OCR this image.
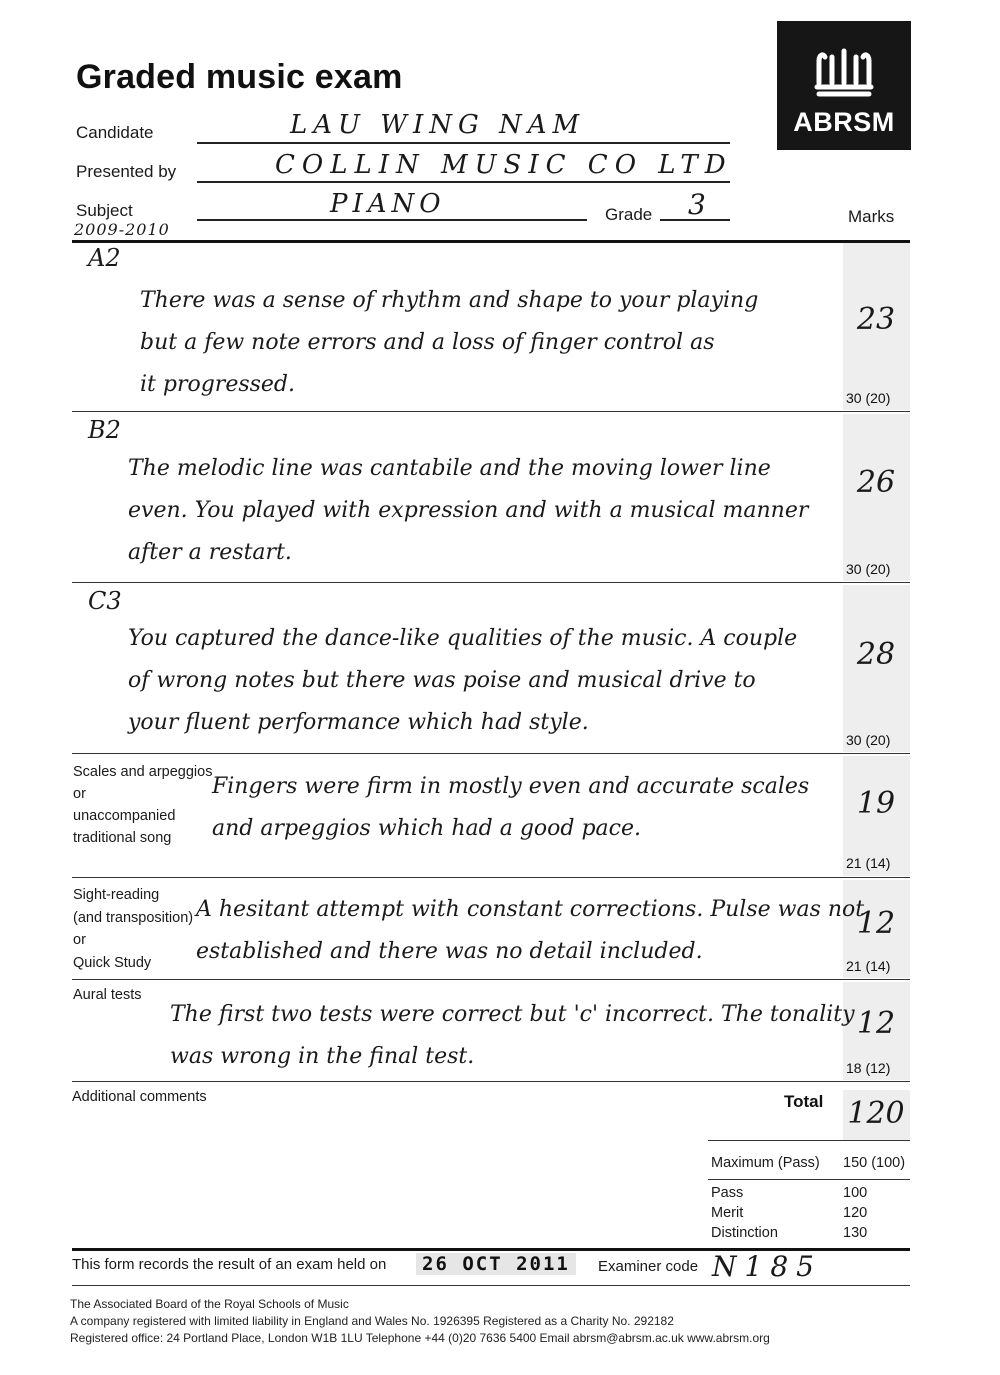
Graded music exam
ABRSM
Candidate	LAU WING NAM
Presented by	COLLIN MUSIC CO LTD
Subject	PIANO
2009-2010
Grade 3	Marks
A2
There was a sense of rhythm and shape to your playing
but a few note errors and a loss of finger control as
it progressed.
23
30 (20)
B2
The melodic line was cantabile and the moving lower line
even. You played with expression and with a musical manner
after a restart.
26
30 (20)
C3
You captured the dance-like qualities of the music. A couple
of wrong notes but there was poise and musical drive to
your fluent performance which had style.
28
30 (20)
Scales and arpeggios
or
unaccompanied
traditional song
Fingers were firm in mostly even and accurate scales
and arpeggios which had a good pace.
19
21 (14)
Sight-reading
(and transposition)
or
Quick Study
A hesitant attempt with constant corrections. Pulse was not
established and there was no detail included.
12
21 (14)
Aural tests
The first two tests were correct but 'c' incorrect. The tonality
was wrong in the final test.
12
18 (12)
Additional comments	Total 120
Maximum (Pass) 150 (100)
Pass	100
Merit	120
Distinction	130
This form records the result of an exam held on	26 OCT 2011	Examiner code N185
The Associated Board of the Royal Schools of Music
A company registered with limited liability in England and Wales No. 1926395 Registered as a Charity No. 292182
Registered office: 24 Portland Place, London W1B 1LU Telephone +44 (0)20 7636 5400 Email abrsm@abrsm.ac.uk www.abrsm.org
